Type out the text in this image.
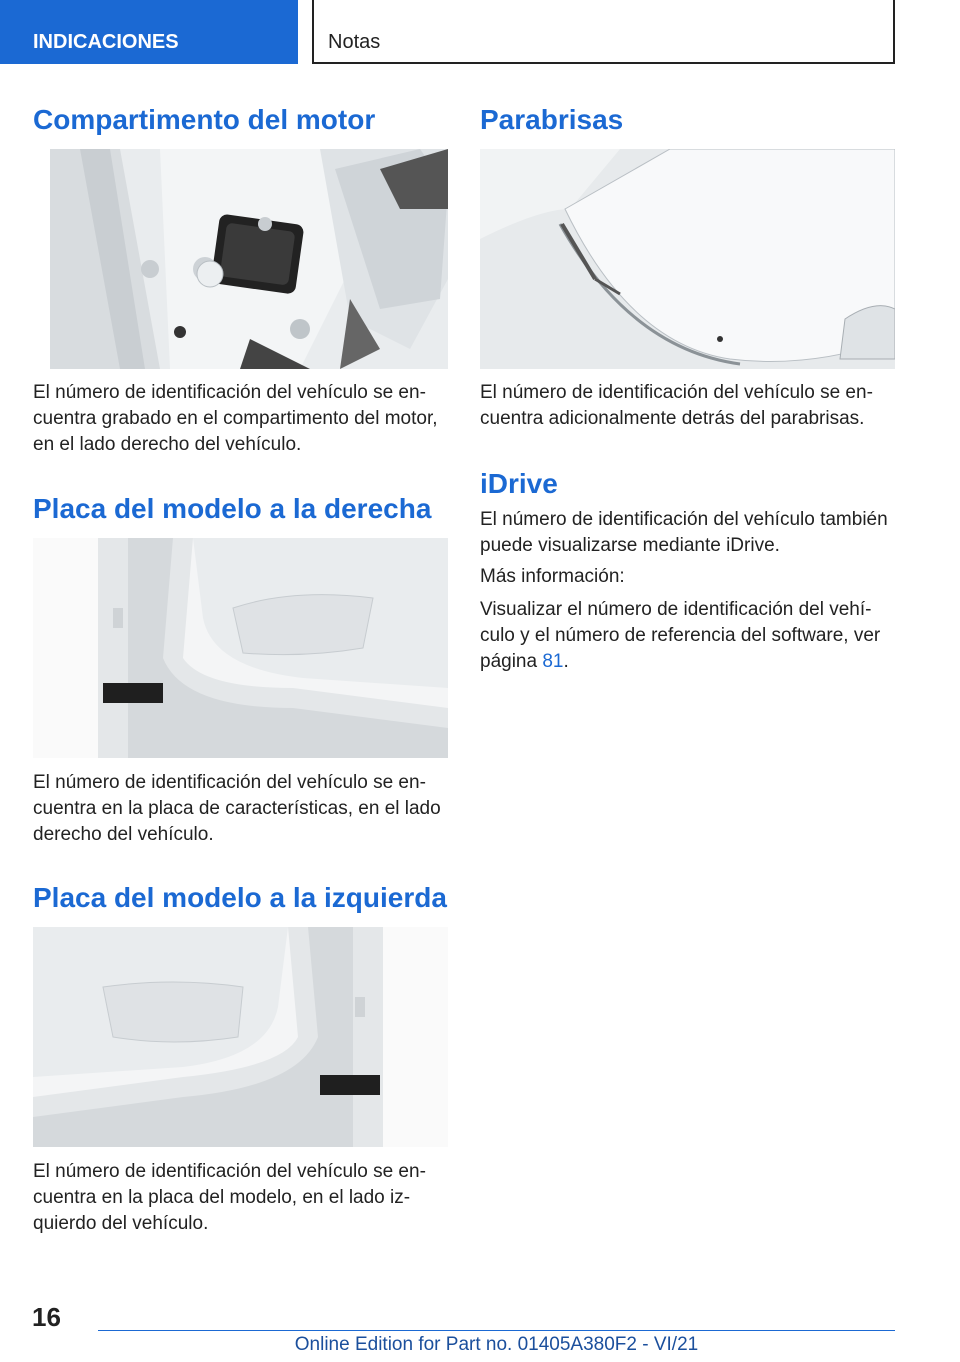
INDICACIONES	Notas
Compartimento del motor

El número de identificación del vehículo se encuentra grabado en el compartimento del motor, en el lado derecho del vehículo.

Placa del modelo a la derecha

El número de identificación del vehículo se encuentra en la placa de características, en el lado derecho del vehículo.

Placa del modelo a la izquierda

El número de identificación del vehículo se encuentra en la placa del modelo, en el lado izquierdo del vehículo.

Parabrisas

El número de identificación del vehículo se encuentra adicionalmente detrás del parabrisas.

iDrive

El número de identificación del vehículo también puede visualizarse mediante iDrive.

Más información:

Visualizar el número de identificación del vehículo y el número de referencia del software, ver página 81.

16
Online Edition for Part no. 01405A380F2 - VI/21
